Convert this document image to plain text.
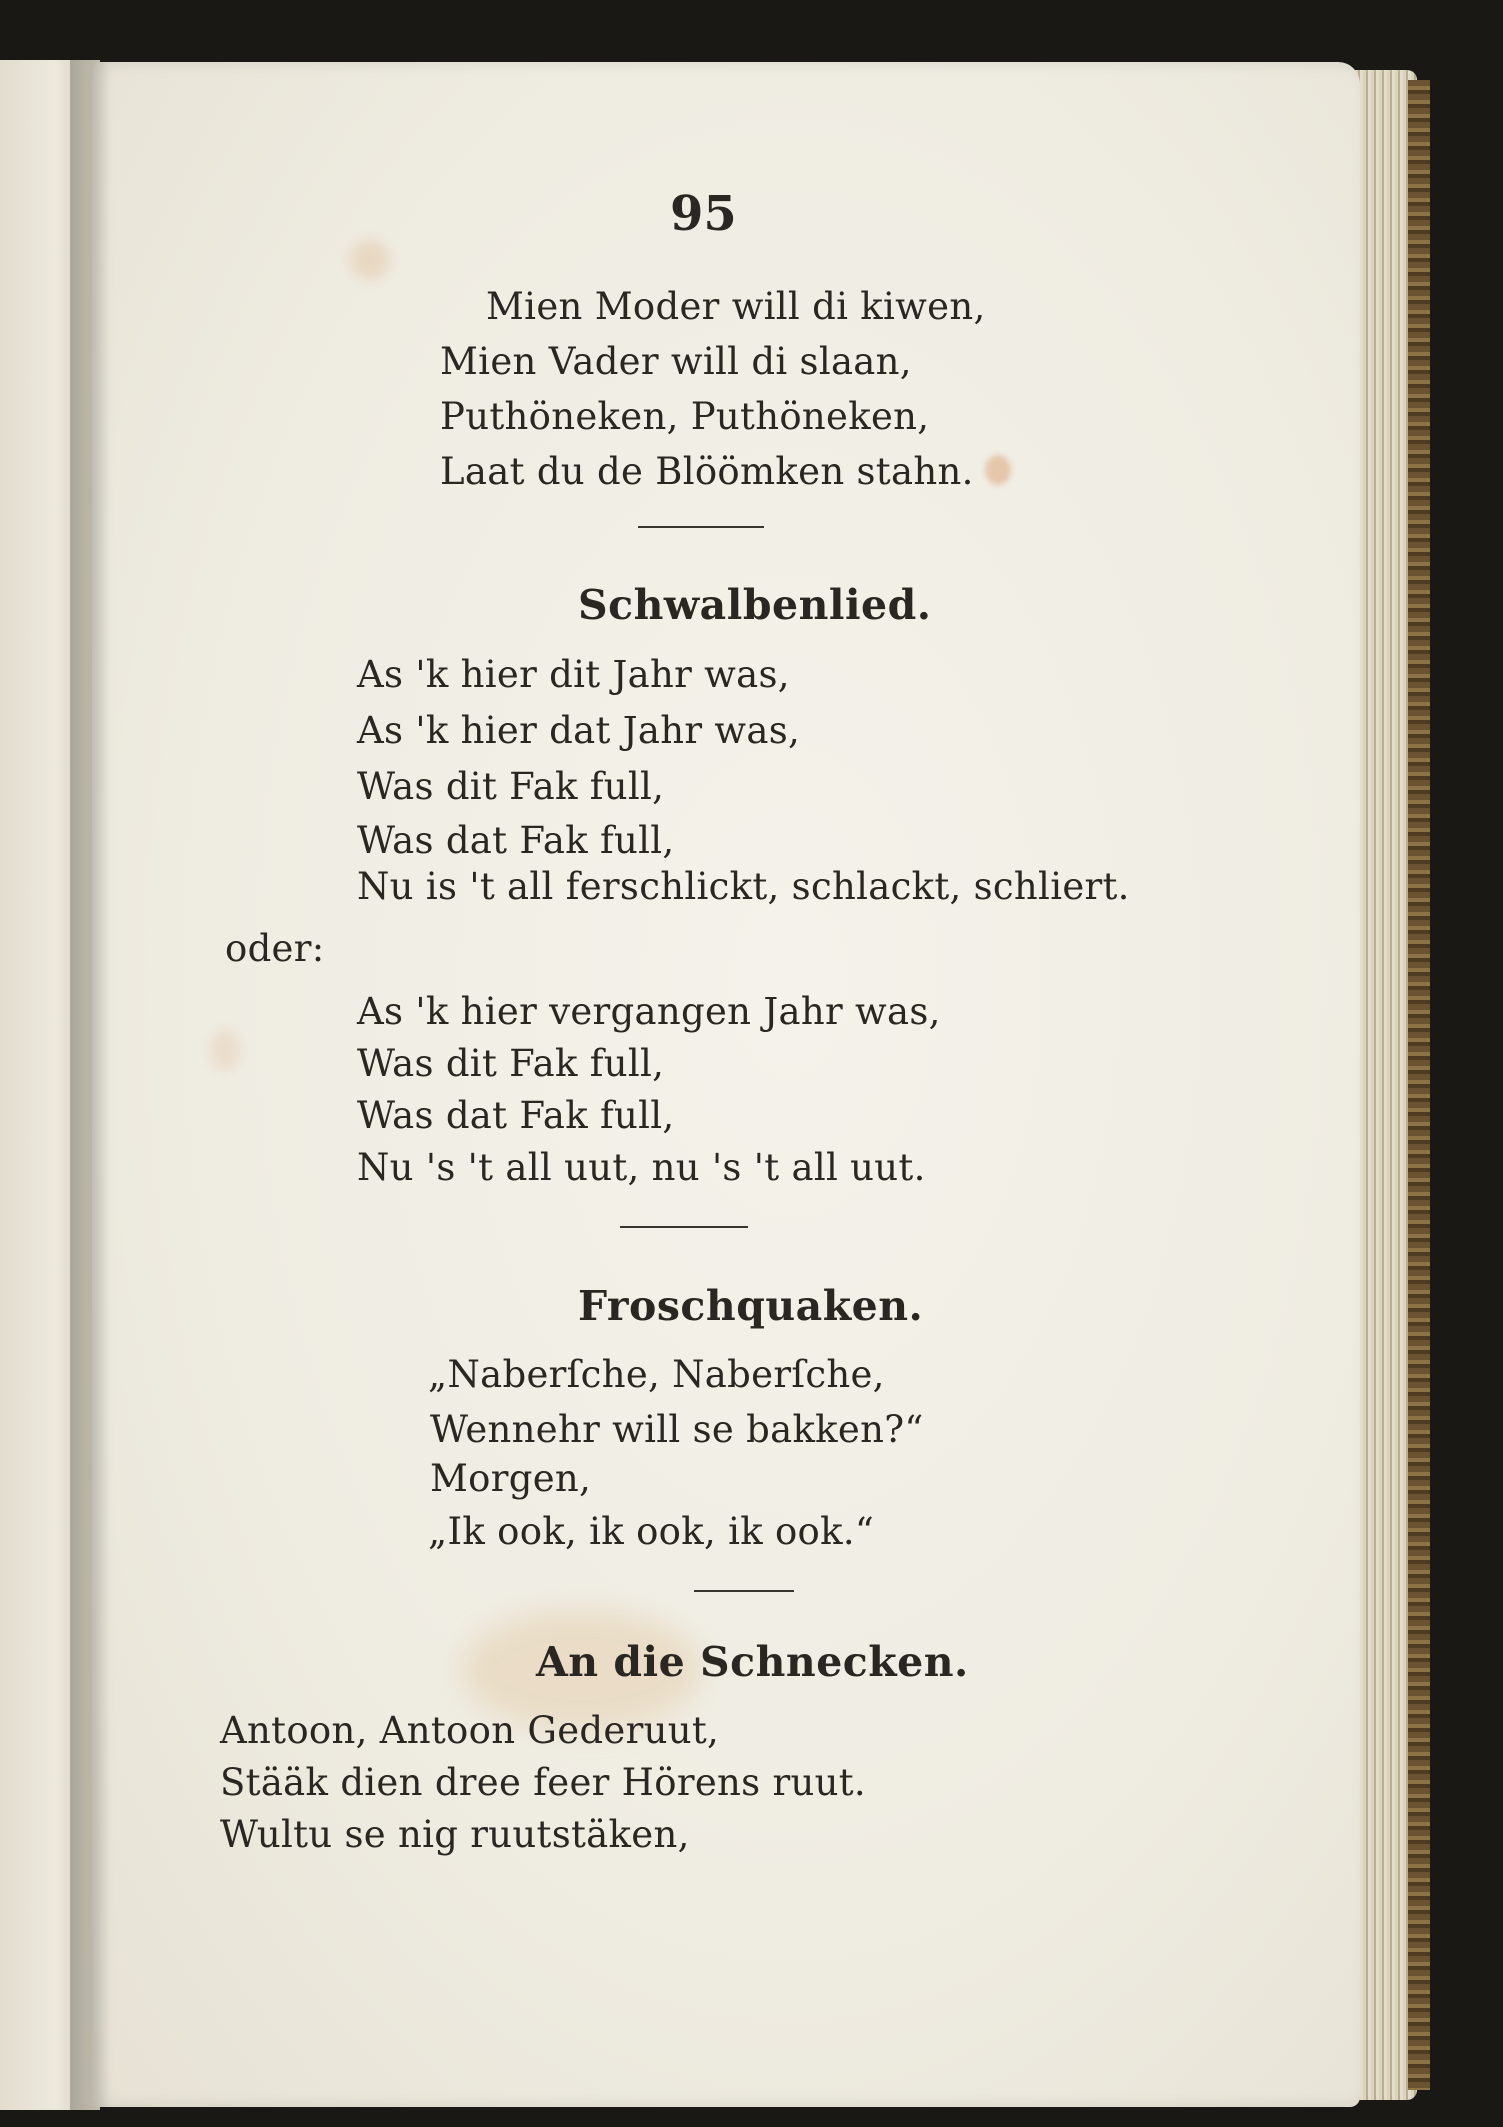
95
Mien Moder will di kiwen,
Mien Vader will di slaan,
Puthöneken, Puthöneken,
Laat du de Blöömken stahn.
Schwalbenlied.
As 'k hier dit Jahr was,
As 'k hier dat Jahr was,
Was dit Fak full,
Was dat Fak full,
Nu is 't all ferschlickt, schlackt, schliert.
oder:
As 'k hier vergangen Jahr was,
Was dit Fak full,
Was dat Fak full,
Nu 's 't all uut, nu 's 't all uut.
Froschquaken.
„Naberſche, Naberſche,
Wennehr will se bakken?“
Morgen,
„Ik ook, ik ook, ik ook.“
An die Schnecken.
Antoon, Antoon Gederuut,
Stääk dien dree feer Hörens ruut.
Wultu se nig ruutstäken,
